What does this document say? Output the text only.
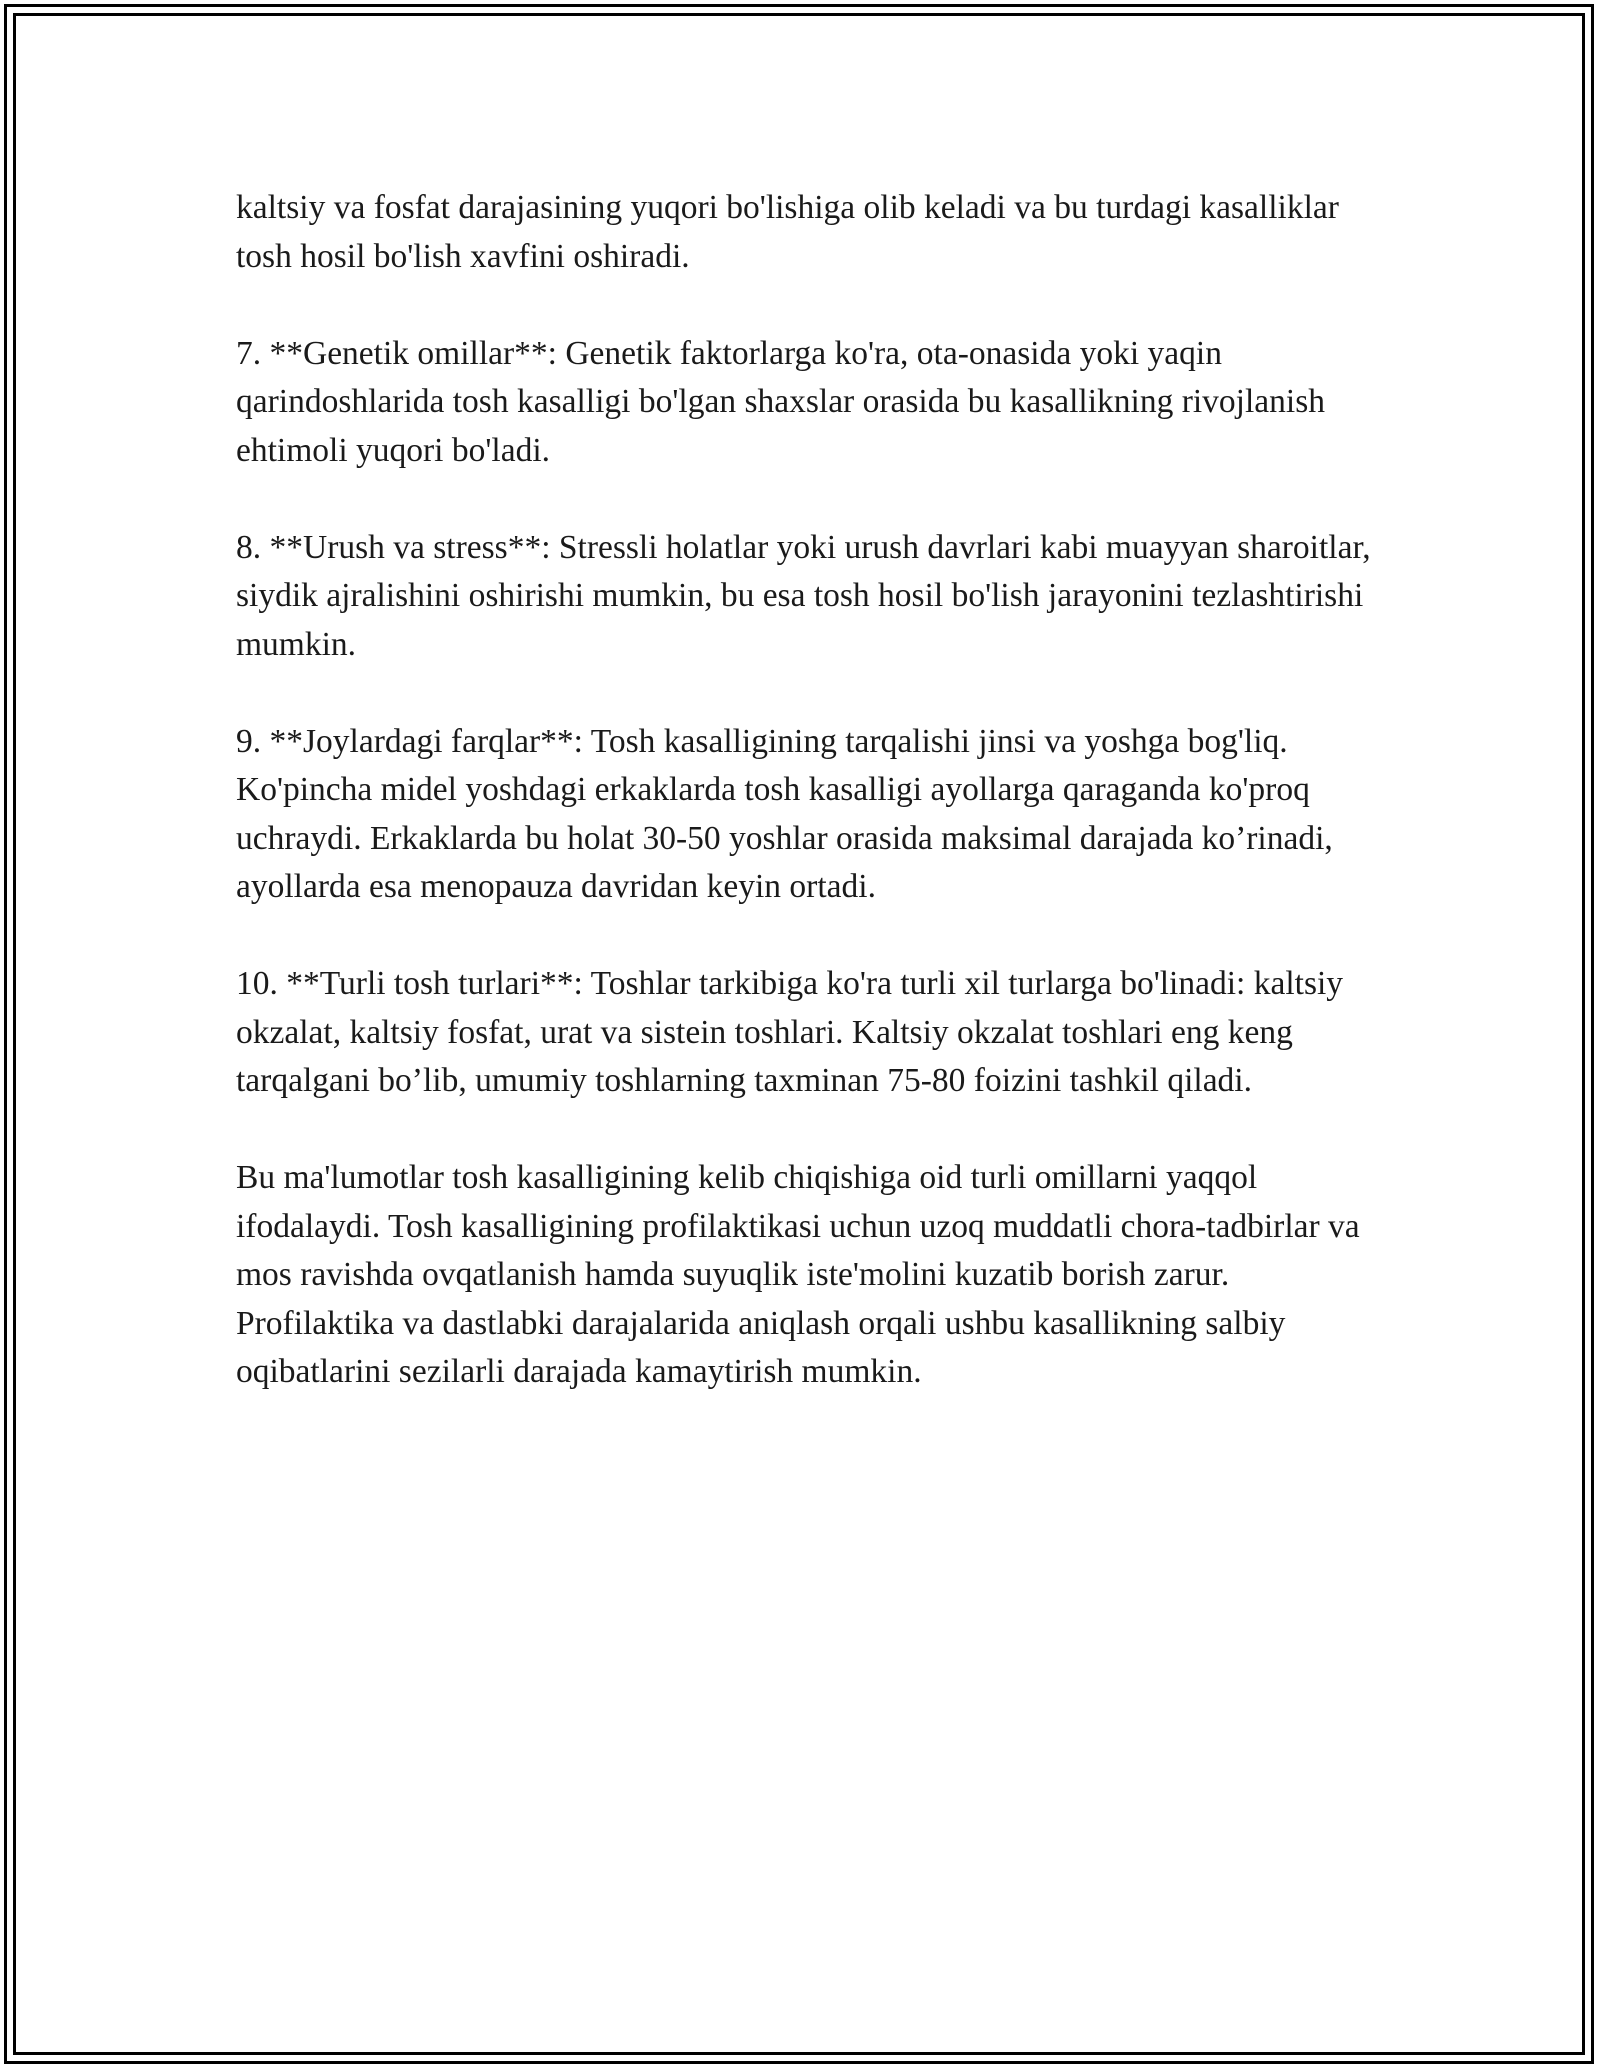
kaltsiy va fosfat darajasining yuqori bo'lishiga olib keladi va bu turdagi kasalliklar tosh hosil bo'lish xavfini oshiradi.

7. **Genetik omillar**: Genetik faktorlarga ko'ra, ota-onasida yoki yaqin qarindoshlarida tosh kasalligi bo'lgan shaxslar orasida bu kasallikning rivojlanish ehtimoli yuqori bo'ladi.

8. **Urush va stress**: Stressli holatlar yoki urush davrlari kabi muayyan sharoitlar, siydik ajralishini oshirishi mumkin, bu esa tosh hosil bo'lish jarayonini tezlashtirishi mumkin.

9. **Joylardagi farqlar**: Tosh kasalligining tarqalishi jinsi va yoshga bog'liq. Ko'pincha midel yoshdagi erkaklarda tosh kasalligi ayollarga qaraganda ko'proq uchraydi. Erkaklarda bu holat 30-50 yoshlar orasida maksimal darajada ko’rinadi, ayollarda esa menopauza davridan keyin ortadi.

10. **Turli tosh turlari**: Toshlar tarkibiga ko'ra turli xil turlarga bo'linadi: kaltsiy okzalat, kaltsiy fosfat, urat va sistein toshlari. Kaltsiy okzalat toshlari eng keng tarqalgani bo’lib, umumiy toshlarning taxminan 75-80 foizini tashkil qiladi.

Bu ma'lumotlar tosh kasalligining kelib chiqishiga oid turli omillarni yaqqol ifodalaydi. Tosh kasalligining profilaktikasi uchun uzoq muddatli chora-tadbirlar va mos ravishda ovqatlanish hamda suyuqlik iste'molini kuzatib borish zarur. Profilaktika va dastlabki darajalarida aniqlash orqali ushbu kasallikning salbiy oqibatlarini sezilarli darajada kamaytirish mumkin.
